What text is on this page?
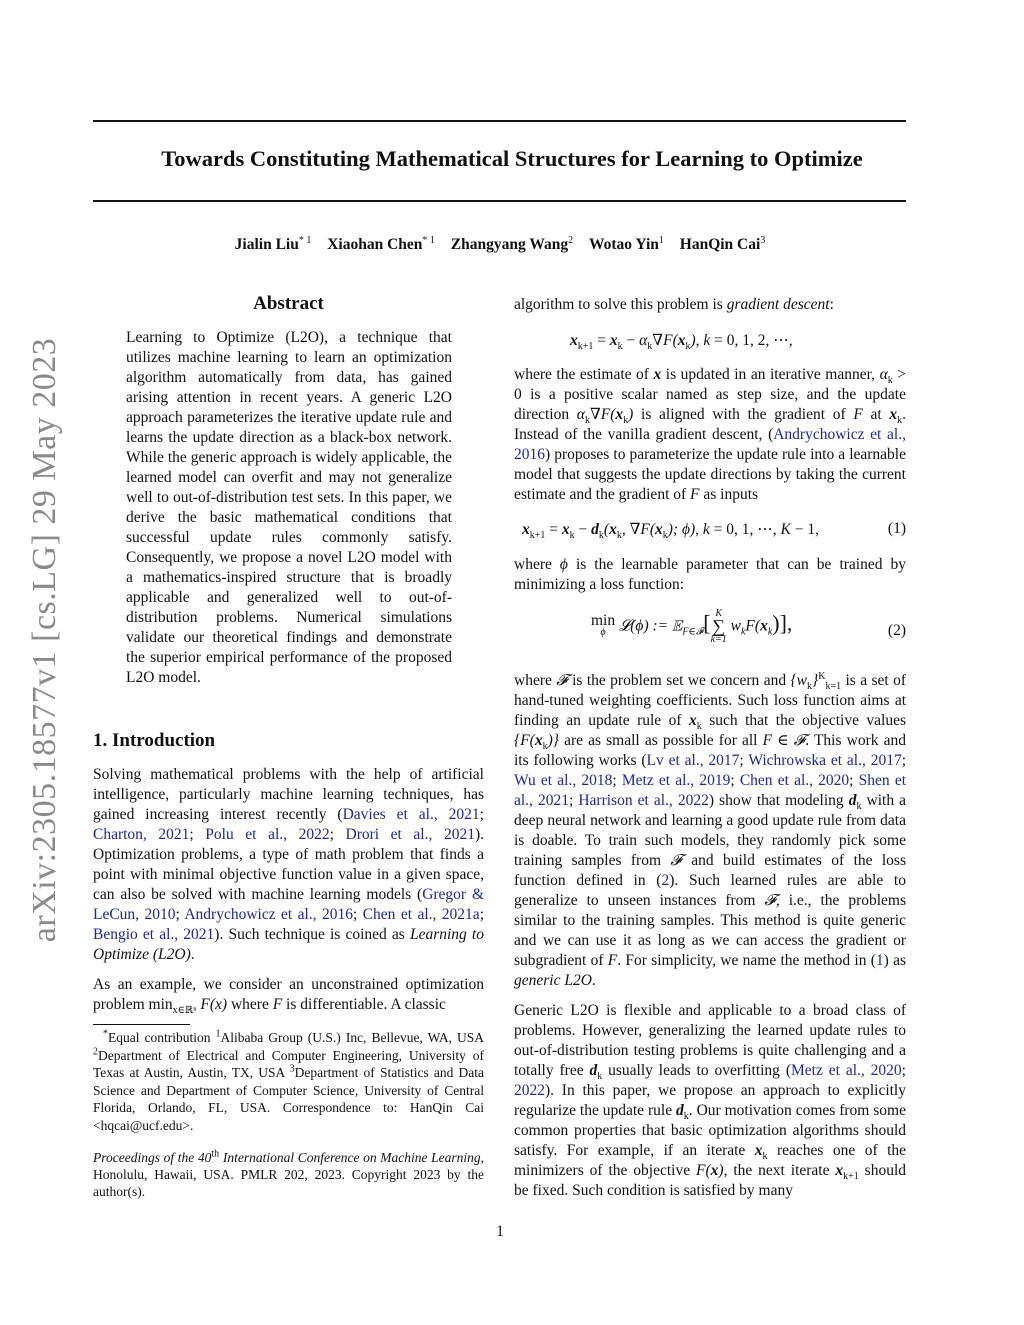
arXiv:2305.18577v1 [cs.LG] 29 May 2023
Towards Constituting Mathematical Structures for Learning to Optimize
Jialin Liu$^{* 1}$ Xiaohan Chen$^{* 1}$ Zhangyang Wang$^2$ Wotao Yin$^1$ HanQin Cai$^3$
Abstract

Learning to Optimize (L2O), a technique that utilizes machine learning to learn an optimization algorithm automatically from data, has gained arising attention in recent years. A generic L2O approach parameterizes the iterative update rule and learns the update direction as a black-box network. While the generic approach is widely applicable, the learned model can overfit and may not generalize well to out-of-distribution test sets. In this paper, we derive the basic mathematical conditions that successful update rules commonly satisfy. Consequently, we propose a novel L2O model with a mathematics-inspired structure that is broadly applicable and generalized well to out-of-distribution problems. Numerical simulations validate our theoretical findings and demonstrate the superior empirical performance of the proposed L2O model.

1. Introduction

Solving mathematical problems with the help of artificial intelligence, particularly machine learning techniques, has gained increasing interest recently (Davies et al., 2021; Charton, 2021; Polu et al., 2022; Drori et al., 2021). Optimization problems, a type of math problem that finds a point with minimal objective function value in a given space, can also be solved with machine learning models (Gregor & LeCun, 2010; Andrychowicz et al., 2016; Chen et al., 2021a; Bengio et al., 2021). Such technique is coined as Learning to Optimize (L2O).

As an example, we consider an unconstrained optimization problem $\min_{x\in ℝ^n} F(x)$ where F is differentiable. A classic

*Equal contribution $^1$Alibaba Group (U.S.) Inc, Bellevue, WA, USA $^2$Department of Electrical and Computer Engineering, University of Texas at Austin, Austin, TX, USA $^3$Department of Statistics and Data Science and Department of Computer Science, University of Central Florida, Orlando, FL, USA. Correspondence to: HanQin Cai <hqcai@ucf.edu>.

Proceedings of the 40th International Conference on Machine Learning, Honolulu, Hawaii, USA. PMLR 202, 2023. Copyright 2023 by the author(s).

algorithm to solve this problem is gradient descent:

$x_{k+1} = x_k - \alpha_k\nabla F(x_k)$, k = 0, 1, 2, ⋯,

where the estimate of x is updated in an iterative manner, $\alpha_k > 0$ is a positive scalar named as step size, and the update direction $\alpha_k\nabla F(x_k)$ is aligned with the gradient of F at $x_k$. Instead of the vanilla gradient descent, (Andrychowicz et al., 2016) proposes to parameterize the update rule into a learnable model that suggests the update directions by taking the current estimate and the gradient of F as inputs

$x_{k+1} = x_k - d_k(x_k$, $\nabla F(x_k)$; ϕ), k = 0, 1, ⋯, K − 1,	(1)

where ϕ is the learnable parameter that can be trained by minimizing a loss function:

min
ϕ 𝓛(ϕ) := 𝔼$_{F\in 𝓕}$[ K
∑
k=1
$w_kF(x_k)$],	(2)

where 𝓕 is the problem set we concern and $\{w_k\}^K_{k=1}$ is a set of hand-tuned weighting coefficients. Such loss function aims at finding an update rule of $x_k$ such that the objective values $\{F(x_k)\}$ are as small as possible for all F ∈ 𝓕. This work and its following works (Lv et al., 2017; Wichrowska et al., 2017; Wu et al., 2018; Metz et al., 2019; Chen et al., 2020; Shen et al., 2021; Harrison et al., 2022) show that modeling $d_k$ with a deep neural network and learning a good update rule from data is doable. To train such models, they randomly pick some training samples from 𝓕 and build estimates of the loss function defined in (2). Such learned rules are able to generalize to unseen instances from 𝓕, i.e., the problems similar to the training samples. This method is quite generic and we can use it as long as we can access the gradient or subgradient of F. For simplicity, we name the method in (1) as generic L2O.

Generic L2O is flexible and applicable to a broad class of problems. However, generalizing the learned update rules to out-of-distribution testing problems is quite challenging and a totally free $d_k$ usually leads to overfitting (Metz et al., 2020; 2022). In this paper, we propose an approach to explicitly regularize the update rule $d_k$. Our motivation comes from some common properties that basic optimization algorithms should satisfy. For example, if an iterate $x_k$ reaches one of the minimizers of the objective F(x), the next iterate $x_{k+1}$ should be fixed. Such condition is satisfied by many

1
